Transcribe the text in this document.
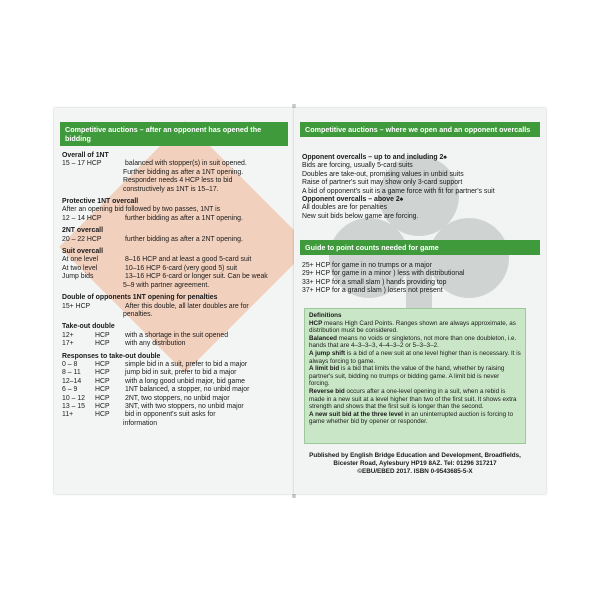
Competitive auctions – after an opponent has opened the bidding
Overall of 1NT
15 – 17 HCP	balanced with stopper(s) in suit opened.
Further bidding as after a 1NT opening.
Responder needs 4 HCP less to bid
constructively as 1NT is 15–17.
Protective 1NT overcall
After an opening bid followed by two passes, 1NT is
12 – 14 HCP	further bidding as after a 1NT opening.
2NT overcall
20 – 22 HCP	further bidding as after a 2NT opening.
Suit overcall
At one level	8–16 HCP and at least a good 5-card suit
At two level	10–16 HCP 6-card (very good 5) suit
Jump bids	13–16 HCP 6-card or longer suit. Can be weak
5–9 with partner agreement.
Double of opponents 1NT opening for penalties
15+ HCP	After this double, all later doubles are for
penalties.
Take-out double
12+	HCP	with a shortage in the suit opened
17+	HCP	with any distribution
Responses to take-out double
0 – 8	HCP	simple bid in a suit, prefer to bid a major
8 – 11	HCP	jump bid in suit, prefer to bid a major
12–14	HCP	with a long good unbid major, bid game
6 – 9	HCP	1NT balanced, a stopper, no unbid major
10 – 12	HCP	2NT, two stoppers, no unbid major
13 – 15	HCP	3NT, with two stoppers, no unbid major
11+	HCP	bid in opponent's suit asks for
information
Competitive auctions – where we open and an opponent overcalls
Opponent overcalls – up to and including 2♠
Bids are forcing, usually 5-card suits
Doubles are take-out, promising values in unbid suits
Raise of partner's suit may show only 3-card support
A bid of opponent's suit is a game force with fit for partner's suit
Opponent overcalls – above 2♠
All doubles are for penalties
New suit bids below game are forcing.
Guide to point counts needed for game
25+ HCP for game in no trumps or a major
29+ HCP for game in a minor ) less with distributional
33+ HCP for a small slam ) hands providing top
37+ HCP for a grand slam ) losers not present
Definitions
HCP means High Card Points. Ranges shown are always approximate, as distribution must be considered.
Balanced means no voids or singletons, not more than one doubleton, i.e. hands that are 4–3–3–3, 4–4–3–2 or 5–3–3–2.
A jump shift is a bid of a new suit at one level higher than is necessary. It is always forcing to game.
A limit bid is a bid that limits the value of the hand, whether by raising partner's suit, bidding no trumps or bidding game. A limit bid is never forcing.
Reverse bid occurs after a one-level opening in a suit, when a rebid is made in a new suit at a level higher than two of the first suit. It shows extra strength and shows that the first suit is longer than the second.
A new suit bid at the three level in an uninterrupted auction is forcing to game whether bid by opener or responder.
Published by English Bridge Education and Development, Broadfields,
Bicester Road, Aylesbury HP19 8AZ. Tel: 01296 317217
©EBU/EBED 2017. ISBN 0-9543685-5-X
